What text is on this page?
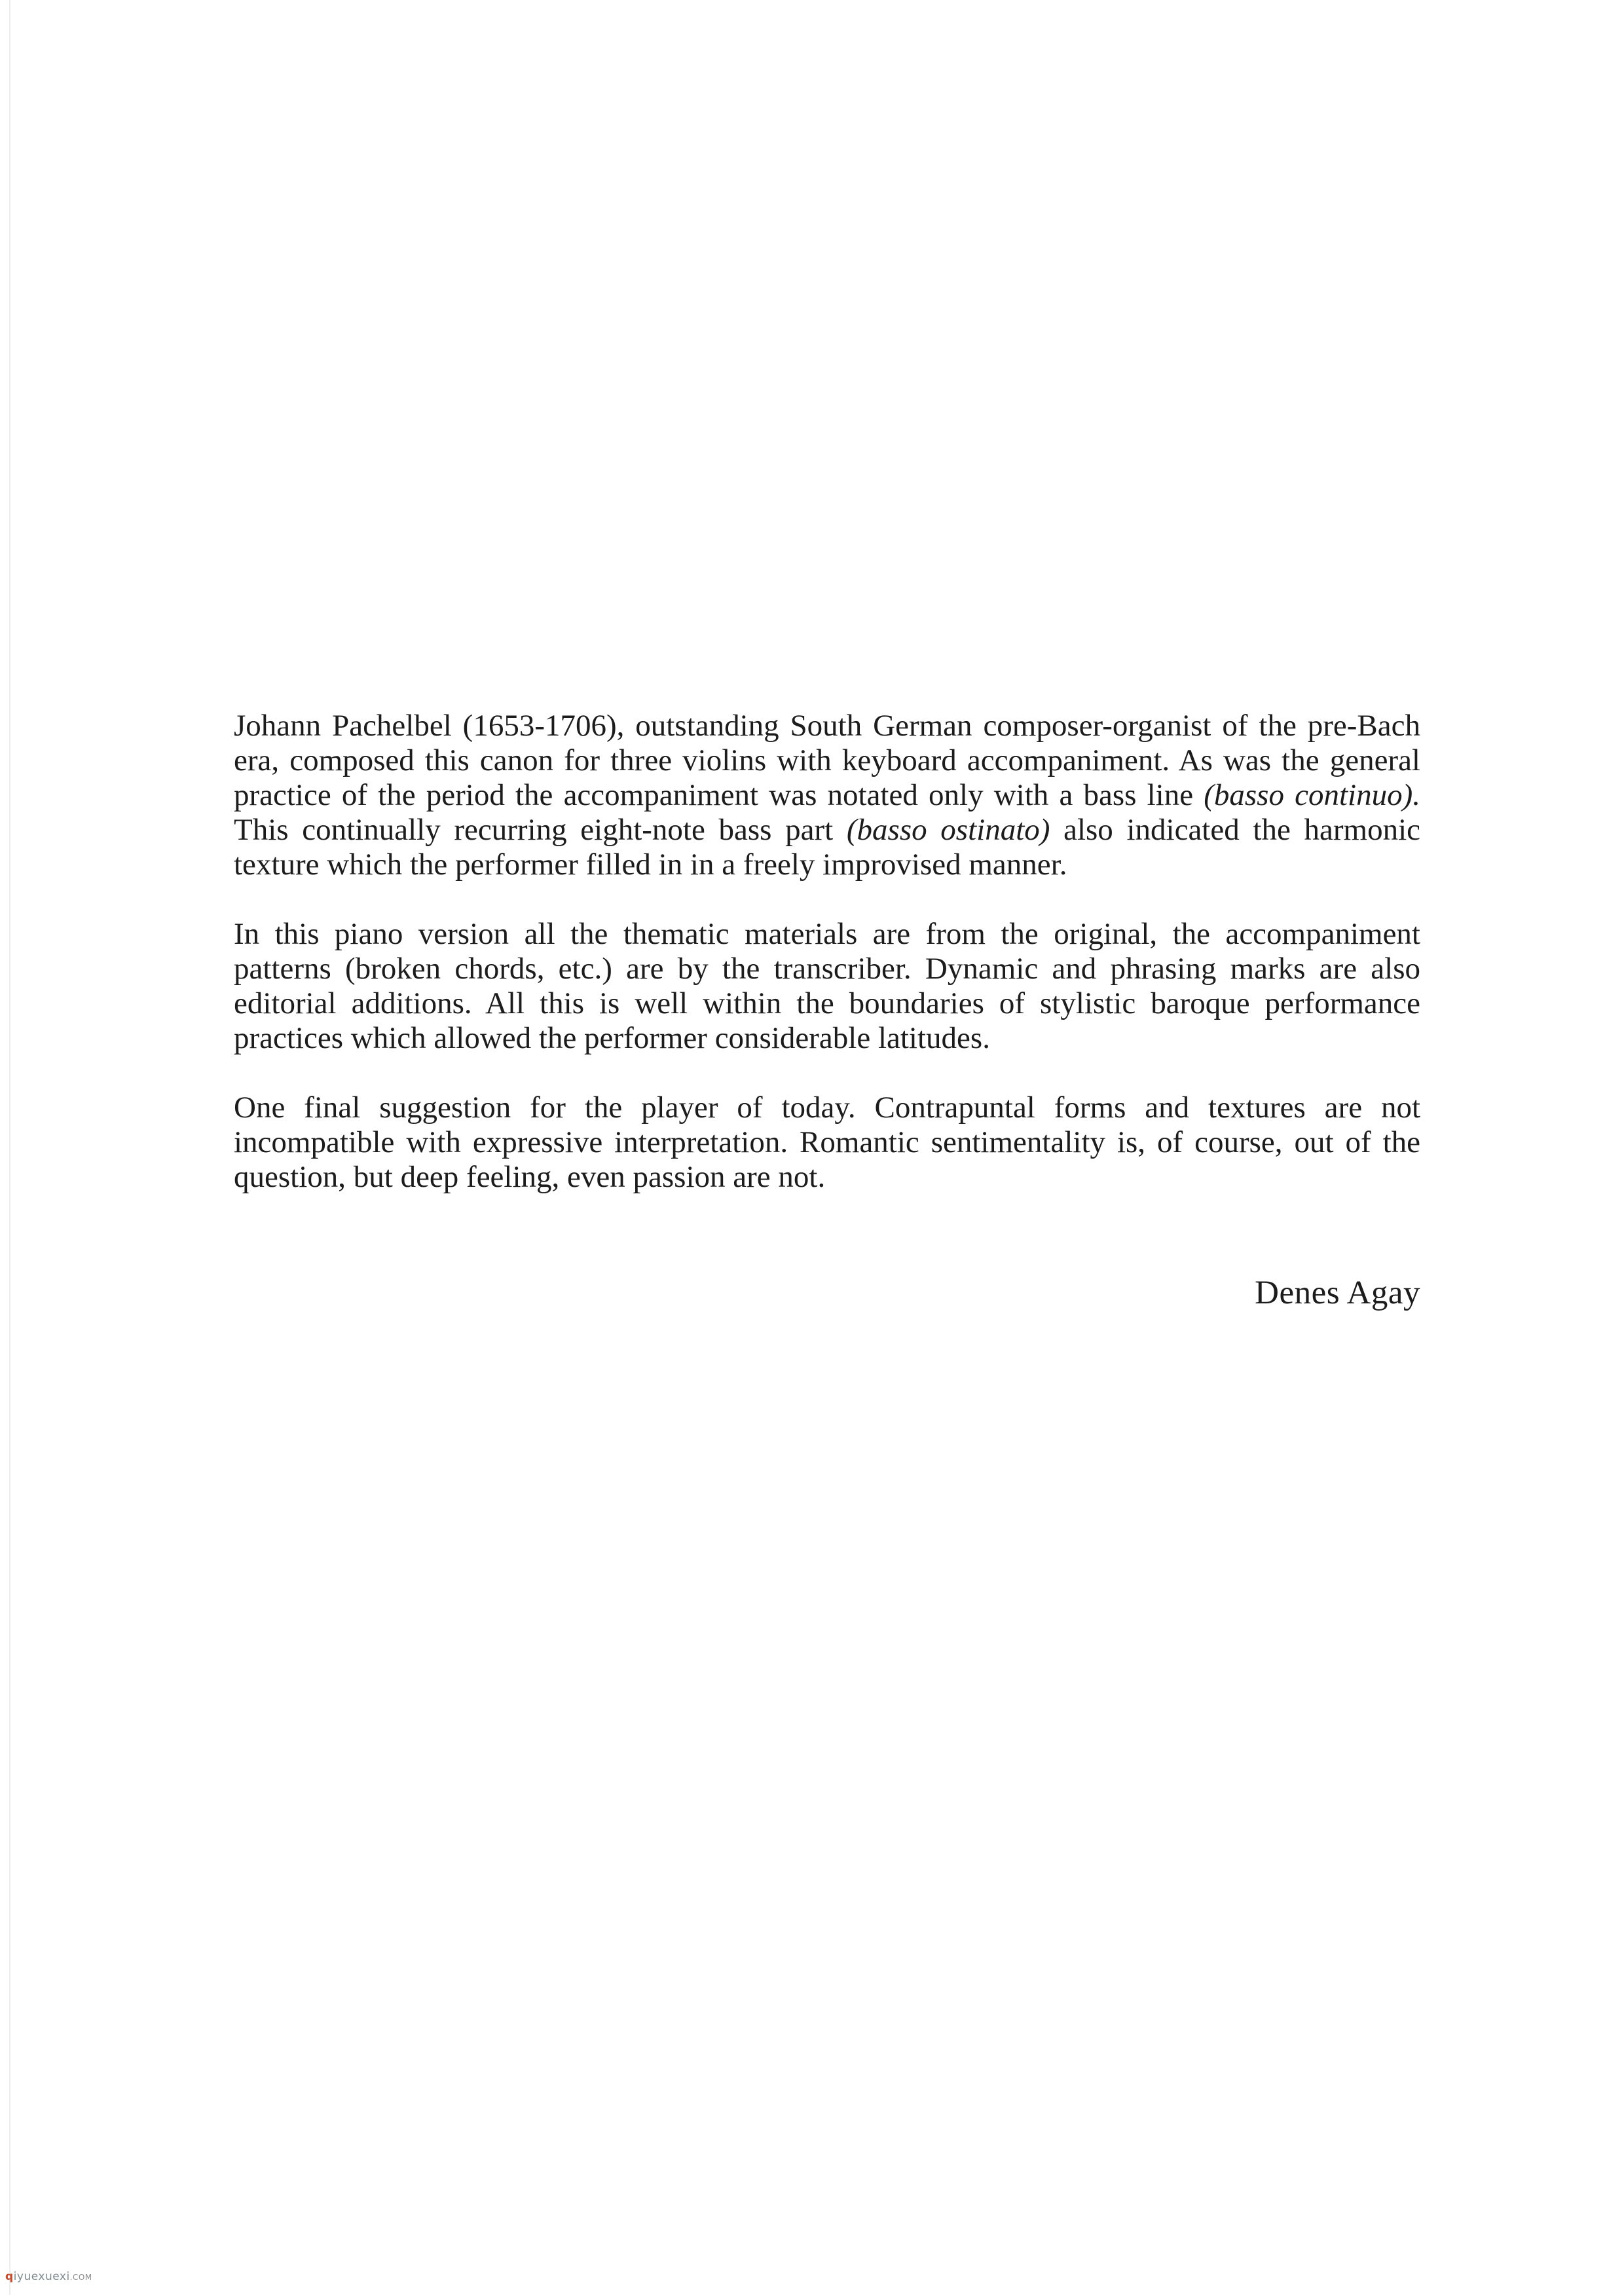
Johann Pachelbel (1653-1706), outstanding South German composer-organist of the pre-Bach era, composed this canon for three violins with keyboard accompaniment. As was the general practice of the period the accompaniment was notated only with a bass line (basso continuo). This continually recurring eight-note bass part (basso ostinato) also indicated the harmonic texture which the performer filled in in a freely improvised manner.

In this piano version all the thematic materials are from the original, the accompaniment patterns (broken chords, etc.) are by the transcriber. Dynamic and phrasing marks are also editorial additions. All this is well within the boundaries of stylistic baroque performance practices which allowed the performer considerable latitudes.

One final suggestion for the player of today. Contrapuntal forms and textures are not incompatible with expressive interpretation. Romantic sentimentality is, of course, out of the question, but deep feeling, even passion are not.

Denes Agay
qiyuexuexi.COM
